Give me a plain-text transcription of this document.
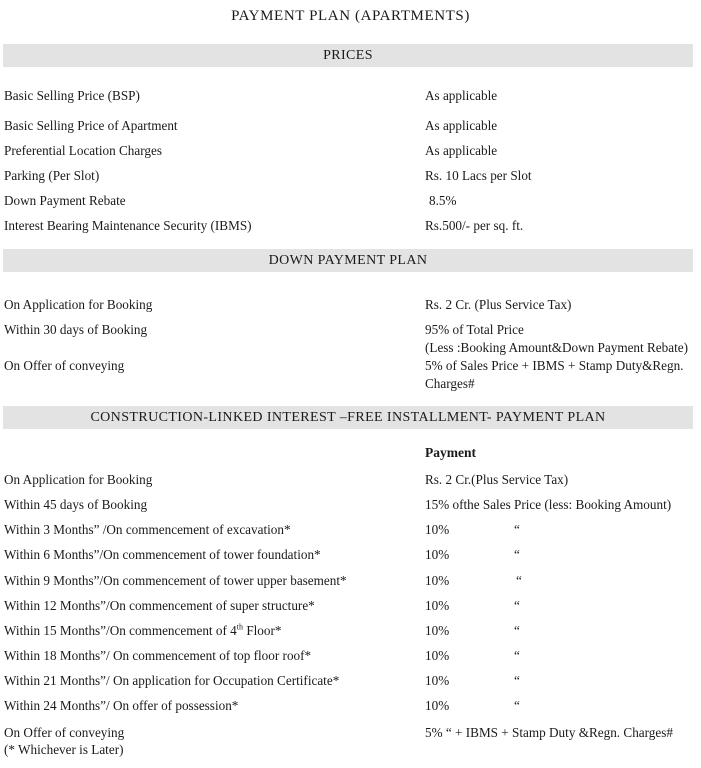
PAYMENT PLAN (APARTMENTS)
PRICES
Basic Selling Price (BSP)	As applicable
Basic Selling Price of Apartment	As applicable
Preferential Location Charges	As applicable
Parking (Per Slot)	Rs. 10 Lacs per Slot
Down Payment Rebate	8.5%
Interest Bearing Maintenance Security (IBMS)	Rs.500/- per sq. ft.
DOWN PAYMENT PLAN
On Application for Booking	Rs. 2 Cr. (Plus Service Tax)
Within 30 days of Booking	95% of Total Price
(Less :Booking Amount&Down Payment Rebate)
On Offer of conveying	5% of Sales Price + IBMS + Stamp Duty&Regn.
Charges#
CONSTRUCTION-LINKED INTEREST –FREE INSTALLMENT- PAYMENT PLAN
Payment
On Application for Booking	Rs. 2 Cr.(Plus Service Tax)
Within 45 days of Booking	15% ofthe Sales Price (less: Booking Amount)
Within 3 Months” /On commencement of excavation*	10%	“
Within 6 Months”/On commencement of tower foundation*	10%	“
Within 9 Months”/On commencement of tower upper basement*	10%	“
Within 12 Months”/On commencement of super structure*	10%	“
Within 15 Months”/On commencement of 4th Floor*	10%	“
Within 18 Months”/ On commencement of top floor roof*	10%	“
Within 21 Months”/ On application for Occupation Certificate*	10%	“
Within 24 Months”/ On offer of possession*	10%	“
On Offer of conveying	5% “ + IBMS + Stamp Duty &Regn. Charges#
(* Whichever is Later)
